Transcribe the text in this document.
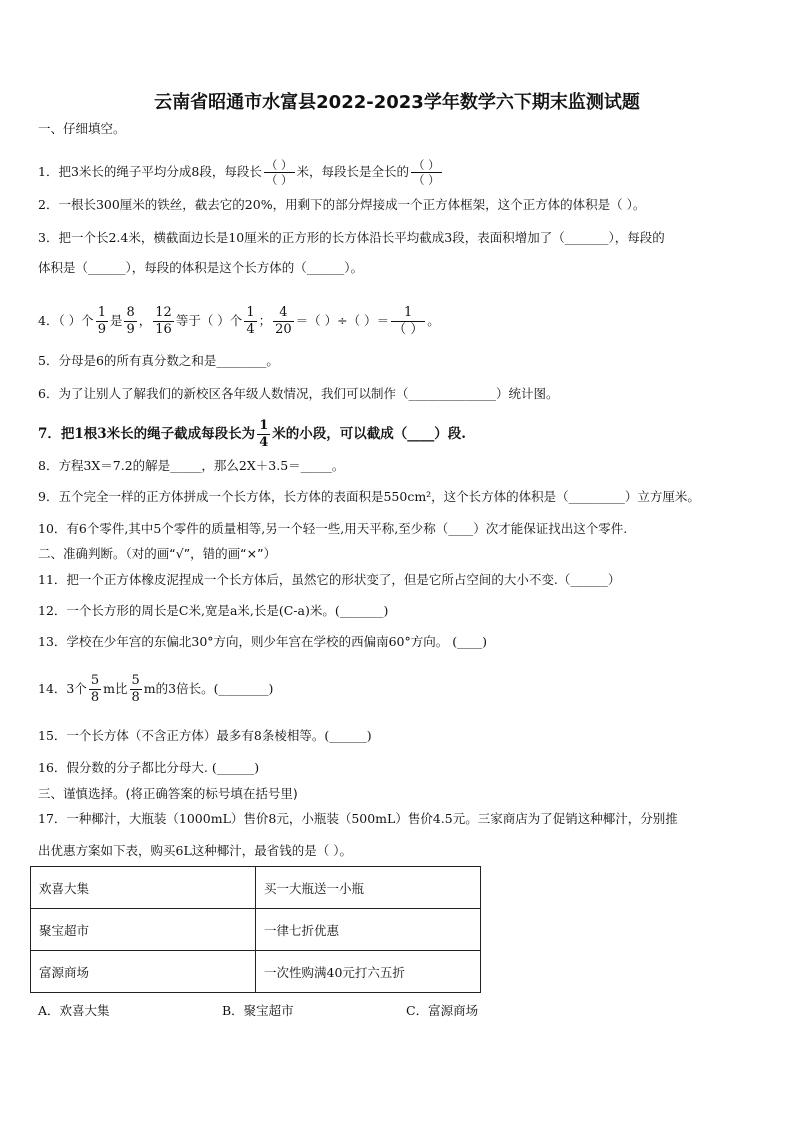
云南省昭通市水富县2022-2023学年数学六下期末监测试题
一、仔细填空。
1．把3米长的绳子平均分成8段，每段长 $\frac{( )}{( )}$ 米，每段长是全长的 $\frac{( )}{( )}$
2．一根长300厘米的铁丝，截去它的20%，用剩下的部分焊接成一个正方体框架，这个正方体的体积是（ ）。
3．把一个长2.4米，横截面边长是10厘米的正方形的长方体沿长平均截成3段，表面积增加了（_______），每段的
体积是（______），每段的体积是这个长方体的（______）。
4．（ ）个 $\frac{1}{9}$ 是 $\frac{8}{9}$ ， $\frac{12}{16}$ 等于（ ）个 $\frac{1}{4}$ ； $\frac{4}{20}$ ＝（ ）÷（ ）＝ $\frac{1}{( )}$ 。
5．分母是6的所有真分数之和是________。
6．为了让别人了解我们的新校区各年级人数情况，我们可以制作（______________）统计图。
7．把1根3米长的绳子截成每段长为 $\frac{1}{4}$ 米的小段，可以截成（____）段.
8．方程3X＝7.2的解是_____，那么2X＋3.5＝_____。
9．五个完全一样的正方体拼成一个长方体，长方体的表面积是550cm²，这个长方体的体积是（_________）立方厘米。
10．有6个零件,其中5个零件的质量相等,另一个轻一些,用天平称,至少称（____）次才能保证找出这个零件.
二、准确判断。（对的画“√”，错的画“×”）
11．把一个正方体橡皮泥捏成一个长方体后，虽然它的形状变了，但是它所占空间的大小不变.（______）
12．一个长方形的周长是C米,宽是a米,长是(C-a)米。(_______)
13．学校在少年宫的东偏北30°方向，则少年宫在学校的西偏南60°方向。 (____)
14．3个 $\frac{5}{8}$ m比 $\frac{5}{8}$ m的3倍长。(________)
15．一个长方体（不含正方体）最多有8条棱相等。(______)
16．假分数的分子都比分母大. (______)
三、谨慎选择。(将正确答案的标号填在括号里)
17．一种椰汁，大瓶装（1000mL）售价8元，小瓶装（500mL）售价4.5元。三家商店为了促销这种椰汁，分别推
出优惠方案如下表，购买6L这种椰汁，最省钱的是（ ）。
欢喜大集	买一大瓶送一小瓶
聚宝超市	一律七折优惠
富源商场	一次性购满40元打六五折
A．欢喜大集	B．聚宝超市	C．富源商场
